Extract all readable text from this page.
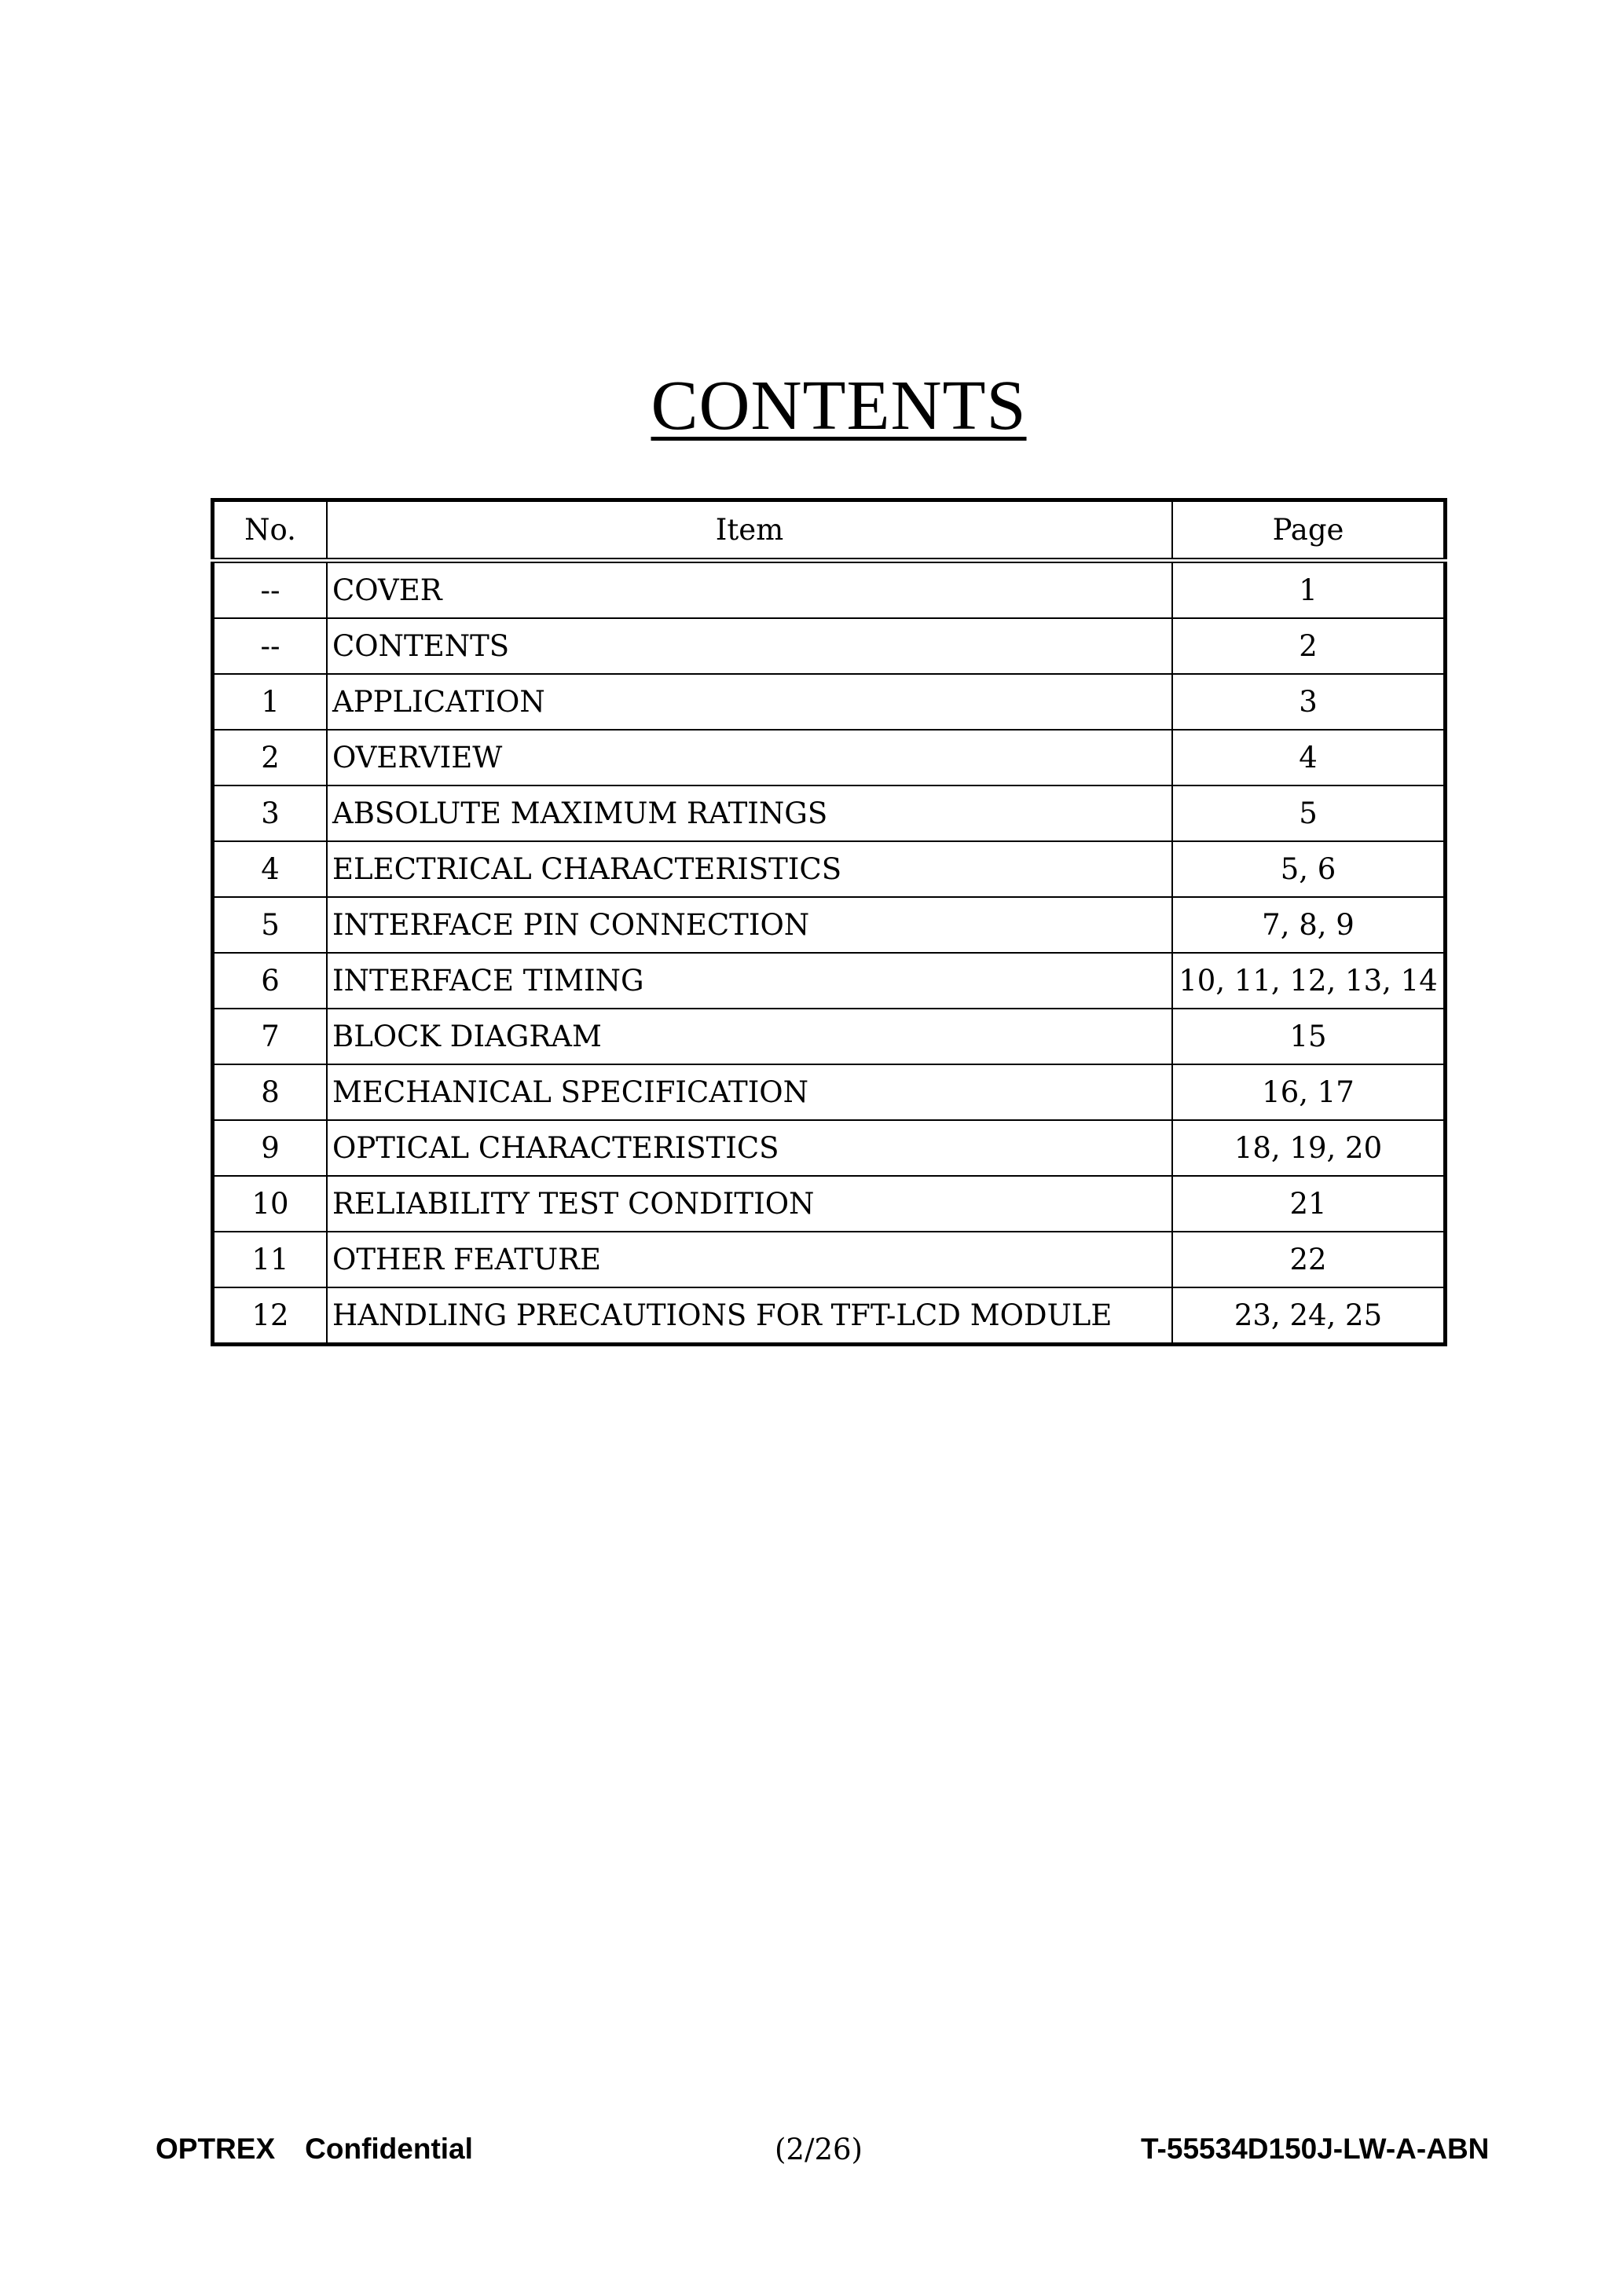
CONTENTS
No.	Item	Page
--	COVER	1
--	CONTENTS	2
1	APPLICATION	3
2	OVERVIEW	4
3	ABSOLUTE MAXIMUM RATINGS	5
4	ELECTRICAL CHARACTERISTICS	5, 6
5	INTERFACE PIN CONNECTION	7, 8, 9
6	INTERFACE TIMING	10, 11, 12, 13, 14
7	BLOCK DIAGRAM	15
8	MECHANICAL SPECIFICATION	16, 17
9	OPTICAL CHARACTERISTICS	18, 19, 20
10	RELIABILITY TEST CONDITION	21
11	OTHER FEATURE	22
12	HANDLING PRECAUTIONS FOR TFT-LCD MODULE	23, 24, 25
OPTREX Confidential	(2/26)	T-55534D150J-LW-A-ABN
